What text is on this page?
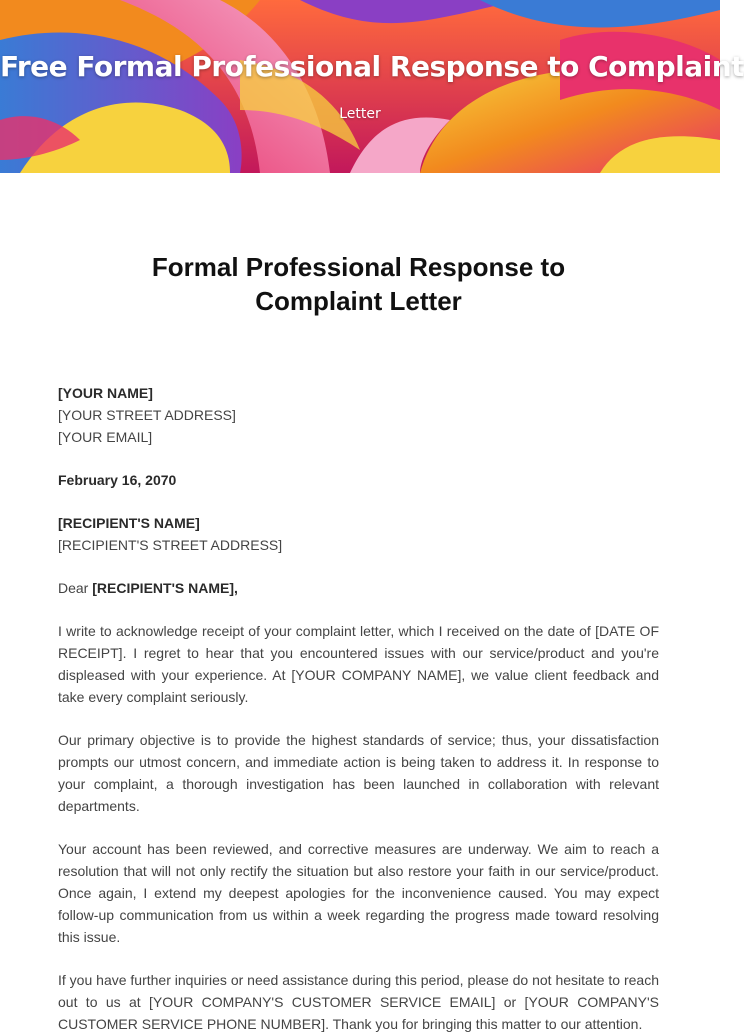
Free Formal Professional Response to Complaint
Letter
Formal Professional Response to Complaint Letter
[YOUR NAME]
[YOUR STREET ADDRESS]
[YOUR EMAIL]
February 16, 2070
[RECIPIENT'S NAME]
[RECIPIENT'S STREET ADDRESS]
Dear [RECIPIENT'S NAME],

I write to acknowledge receipt of your complaint letter, which I received on the date of [DATE OF RECEIPT]. I regret to hear that you encountered issues with our service/product and you're displeased with your experience. At [YOUR COMPANY NAME], we value client feedback and take every complaint seriously.

Our primary objective is to provide the highest standards of service; thus, your dissatisfaction prompts our utmost concern, and immediate action is being taken to address it. In response to your complaint, a thorough investigation has been launched in collaboration with relevant departments.

Your account has been reviewed, and corrective measures are underway. We aim to reach a resolution that will not only rectify the situation but also restore your faith in our service/product. Once again, I extend my deepest apologies for the inconvenience caused. You may expect follow-up communication from us within a week regarding the progress made toward resolving this issue.

If you have further inquiries or need assistance during this period, please do not hesitate to reach out to us at [YOUR COMPANY'S CUSTOMER SERVICE EMAIL] or [YOUR COMPANY'S CUSTOMER SERVICE PHONE NUMBER]. Thank you for bringing this matter to our attention.
